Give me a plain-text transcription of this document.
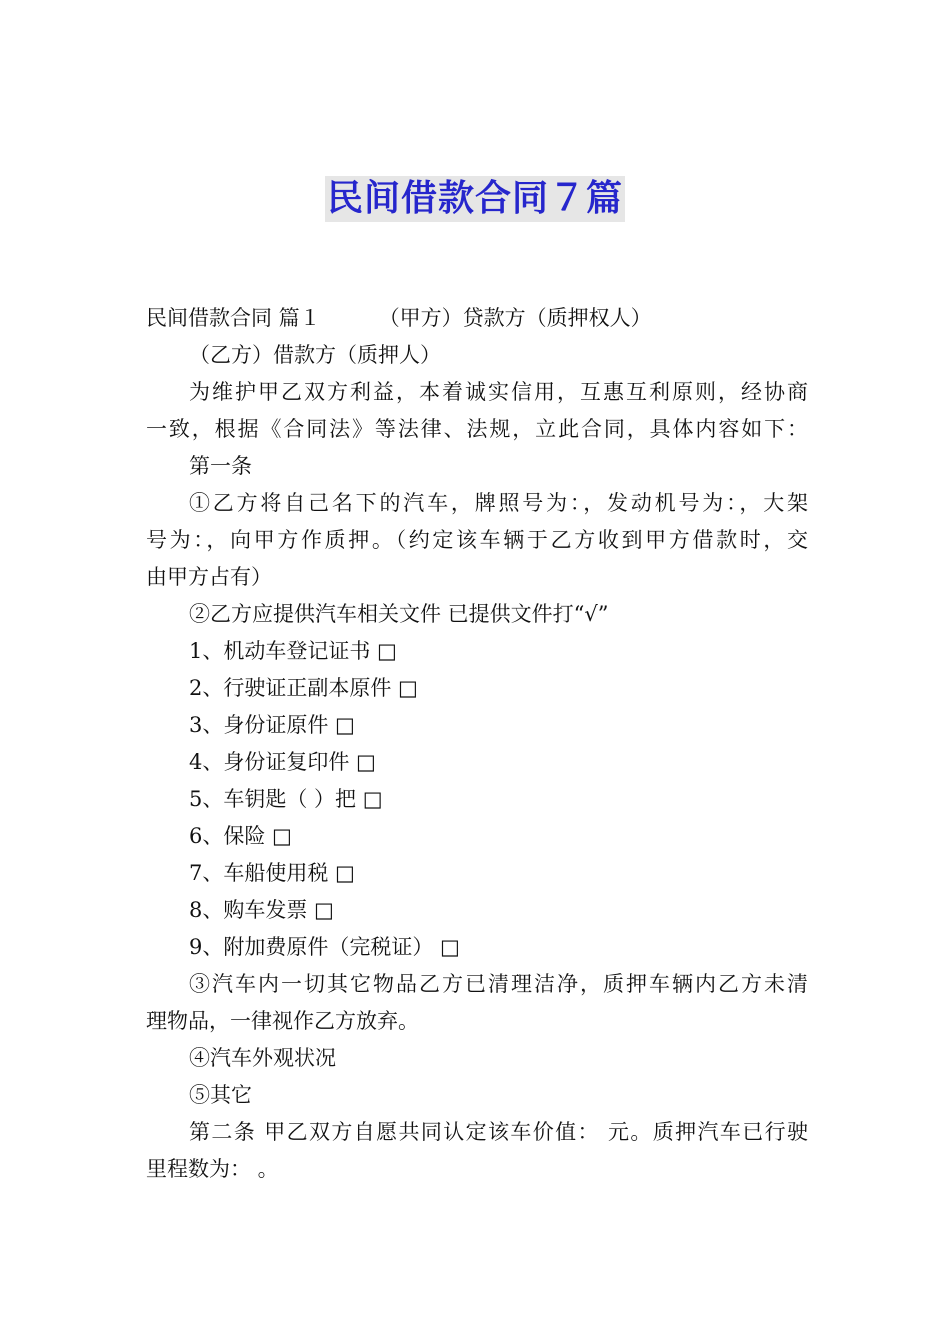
民间借款合同７篇
民间借款合同 篇１	（甲方）贷款方（质押权人）
（乙方）借款方（质押人）
为维护甲乙双方利益，本着诚实信用，互惠互利原则，经协商
一致，根据《合同法》等法律、法规，立此合同，具体内容如下：
第一条
①乙方将自己名下的汽车，牌照号为：，发动机号为：，大架
号为：，向甲方作质押。（约定该车辆于乙方收到甲方借款时，交
由甲方占有）
②乙方应提供汽车相关文件 已提供文件打“√”
1、机动车登记证书 □
2、行驶证正副本原件 □
3、身份证原件 □
4、身份证复印件 □
5、车钥匙（ ）把 □
6、保险 □
7、车船使用税 □
8、购车发票 □
9、附加费原件（完税证） □
③汽车内一切其它物品乙方已清理洁净，质押车辆内乙方未清
理物品，一律视作乙方放弃。
④汽车外观状况
⑤其它
第二条 甲乙双方自愿共同认定该车价值： 元。质押汽车已行驶
里程数为： 。
